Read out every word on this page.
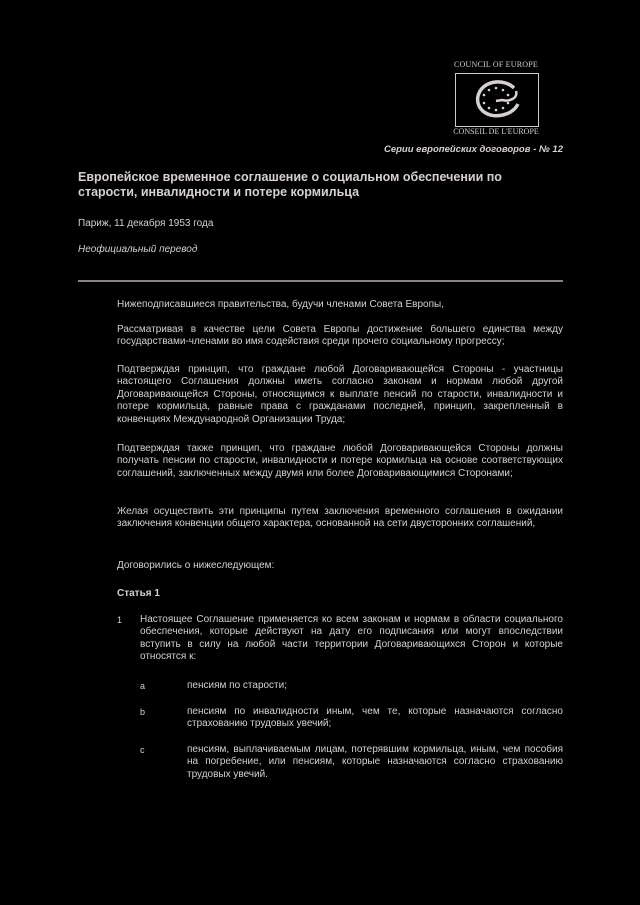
COUNCIL OF EUROPE
CONSEIL DE L'EUROPE
Серии европейских договоров - № 12
Европейское временное соглашение о социальном обеспечении по старости, инвалидности и потере кормильца
Париж, 11 декабря 1953 года
Неофициальный перевод
Нижеподписавшиеся правительства, будучи членами Совета Европы,
Рассматривая в качестве цели Совета Европы достижение большего единства между государствами-членами во имя содействия среди прочего социальному прогрессу;
Подтверждая принцип, что граждане любой Договаривающейся Стороны - участницы настоящего Соглашения должны иметь согласно законам и нормам любой другой Договаривающейся Стороны, относящимся к выплате пенсий по старости, инвалидности и потере кормильца, равные права с гражданами последней, принцип, закрепленный в конвенциях Международной Организации Труда;
Подтверждая также принцип, что граждане любой Договаривающейся Стороны должны получать пенсии по старости, инвалидности и потере кормильца на основе соответствующих соглашений, заключенных между двумя или более Договаривающимися Сторонами;
Желая осуществить эти принципы путем заключения временного соглашения в ожидании заключения конвенции общего характера, основанной на сети двусторонних соглашений,
Договорились о нижеследующем:
Статья 1
1 Настоящее Соглашение применяется ко всем законам и нормам в области социального обеспечения, которые действуют на дату его подписания или могут впоследствии вступить в силу на любой части территории Договаривающихся Сторон и которые относятся к:
a	пенсиям по старости;
b	пенсиям по инвалидности иным, чем те, которые назначаются согласно страхованию трудовых увечий;
c	пенсиям, выплачиваемым лицам, потерявшим кормильца, иным, чем пособия на погребение, или пенсиям, которые назначаются согласно страхованию трудовых увечий.
